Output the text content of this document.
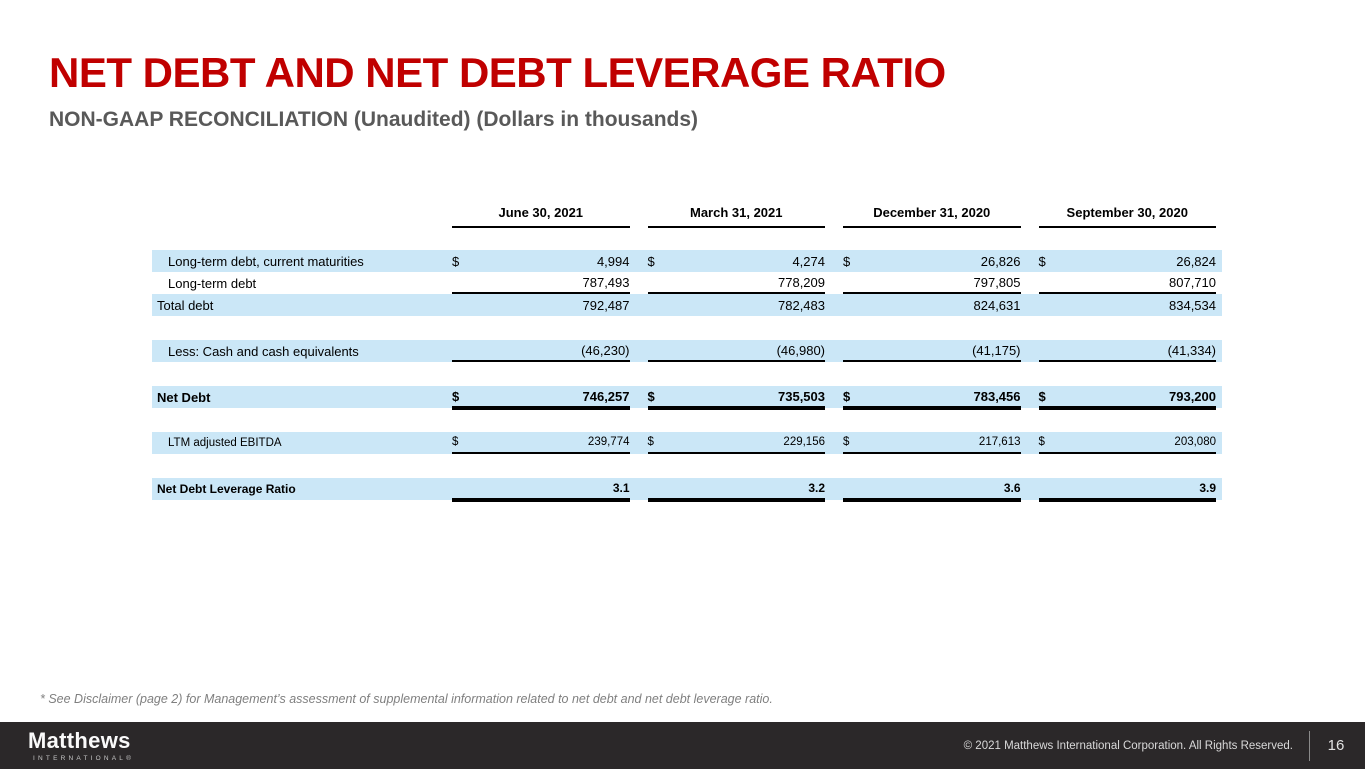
NET DEBT AND NET DEBT LEVERAGE RATIO
NON-GAAP RECONCILIATION (Unaudited) (Dollars in thousands)
June 30, 2021	March 31, 2021	December 31, 2020	September 30, 2020
Long-term debt, current maturities	$	4,994 $	4,274 $	26,826 $	26,824
Long-term debt	787,493	778,209	797,805	807,710
Total debt	792,487	782,483	824,631	834,534
Less: Cash and cash equivalents	(46,230)	(46,980)	(41,175)	(41,334)
Net Debt	$	746,257 $	735,503 $	783,456 $	793,200
LTM adjusted EBITDA	$	239,774 $	229,156 $	217,613 $	203,080
Net Debt Leverage Ratio	3.1	3.2	3.6	3.9
* See Disclaimer (page 2) for Management’s assessment of supplemental information related to net debt and net debt leverage ratio.
Matthews
INTERNATIONAL®
© 2021 Matthews International Corporation. All Rights Reserved.	16
